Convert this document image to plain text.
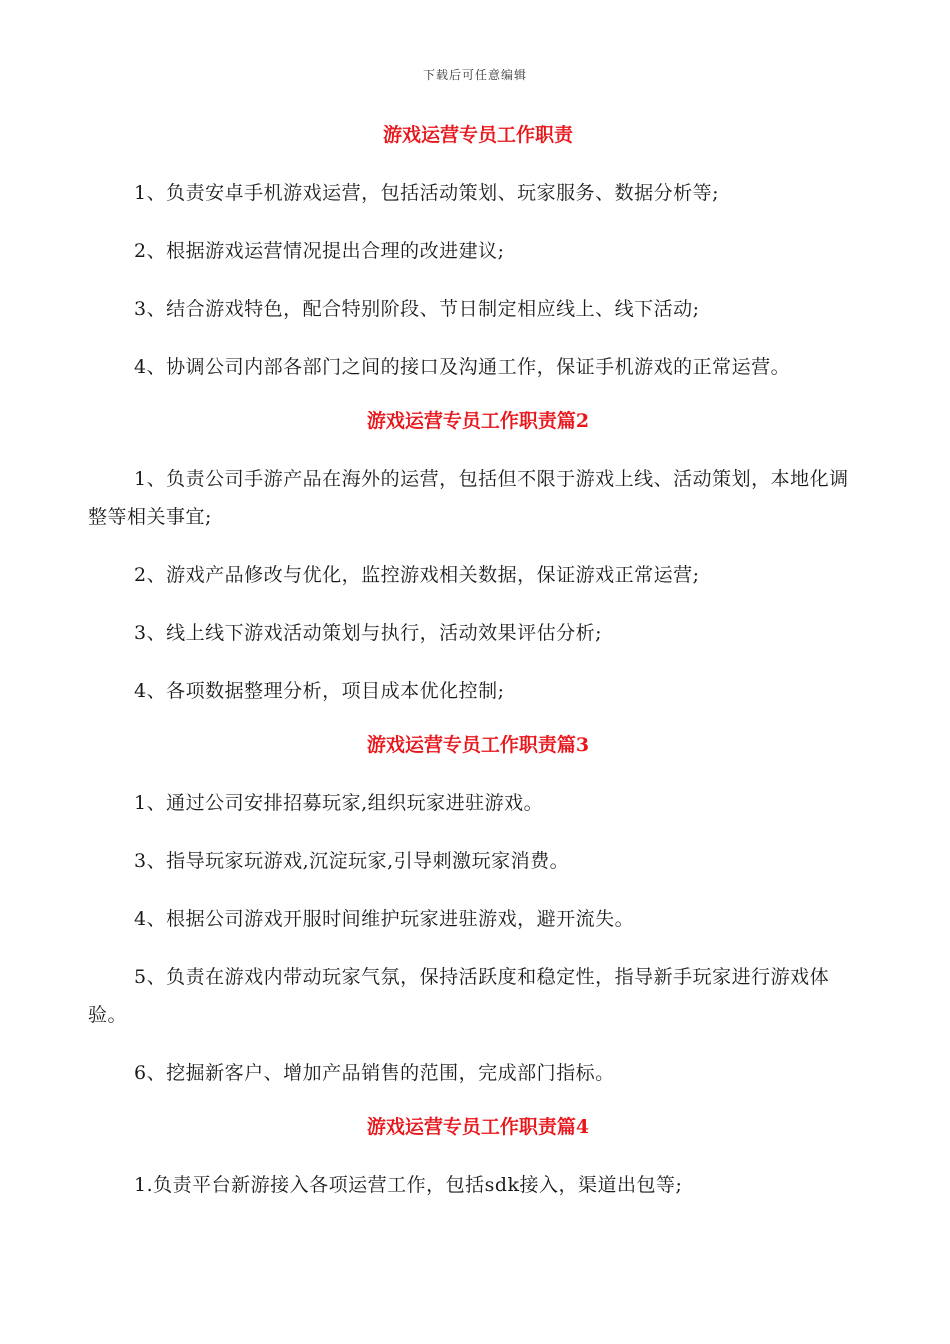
下载后可任意编辑
游戏运营专员工作职责

1、负责安卓手机游戏运营，包括活动策划、玩家服务、数据分析等;

2、根据游戏运营情况提出合理的改进建议;

3、结合游戏特色，配合特别阶段、节日制定相应线上、线下活动;

4、协调公司内部各部门之间的接口及沟通工作，保证手机游戏的正常运营。

游戏运营专员工作职责篇2

1、负责公司手游产品在海外的运营，包括但不限于游戏上线、活动策划，本地化调整等相关事宜;

2、游戏产品修改与优化，监控游戏相关数据，保证游戏正常运营;

3、线上线下游戏活动策划与执行，活动效果评估分析;

4、各项数据整理分析，项目成本优化控制;

游戏运营专员工作职责篇3

1、通过公司安排招募玩家,组织玩家进驻游戏。

3、指导玩家玩游戏,沉淀玩家,引导刺激玩家消费。

4、根据公司游戏开服时间维护玩家进驻游戏，避开流失。

5、负责在游戏内带动玩家气氛，保持活跃度和稳定性，指导新手玩家进行游戏体验。

6、挖掘新客户、增加产品销售的范围，完成部门指标。

游戏运营专员工作职责篇4

1.负责平台新游接入各项运营工作，包括sdk接入，渠道出包等;
